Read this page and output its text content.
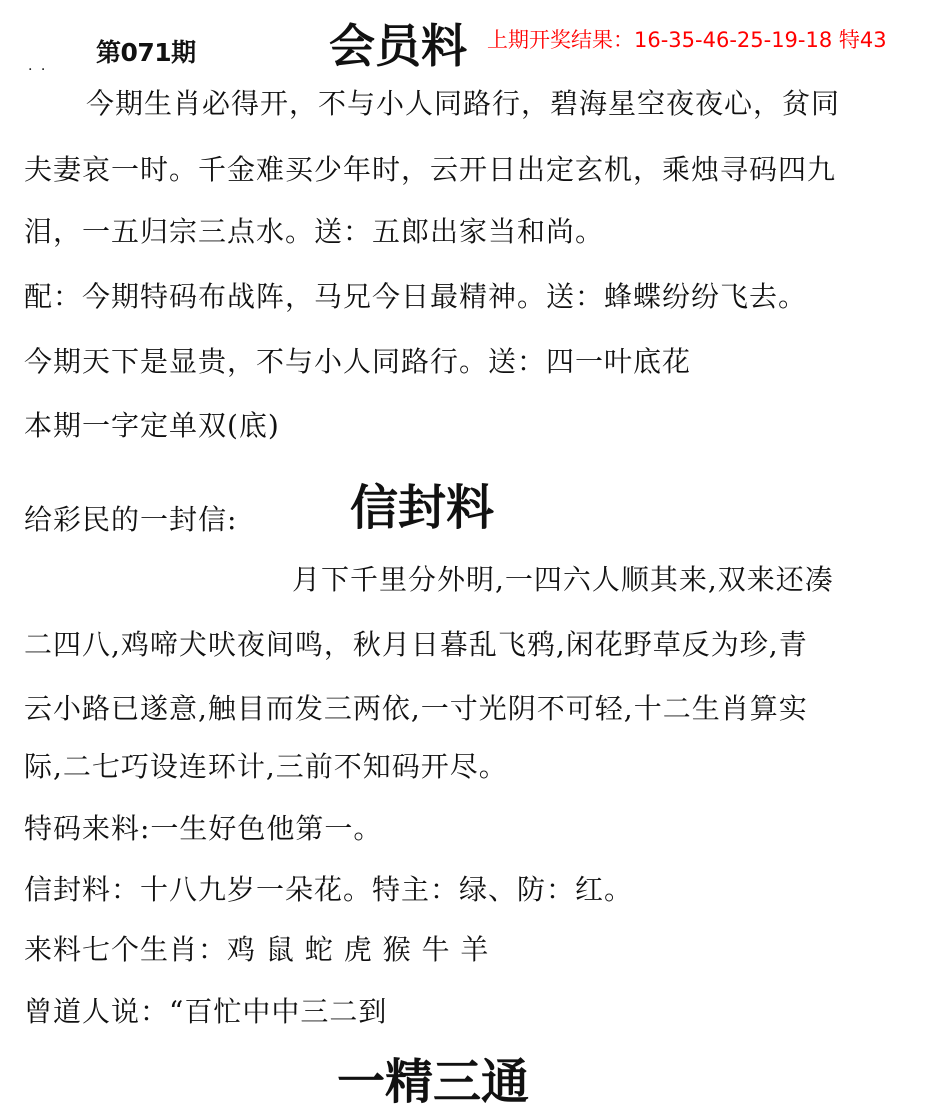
第071期	会员料 上期开奖结果：16-35-46-25-19-18 特43
. .
今期生肖必得开，不与小人同路行，碧海星空夜夜心，贫同
夫妻哀一时。千金难买少年时，云开日出定玄机，乘烛寻码四九
泪，一五归宗三点水。送：五郎出家当和尚。
配：今期特码布战阵，马兄今日最精神。送：蜂蝶纷纷飞去。
今期天下是显贵，不与小人同路行。送：四一叶底花
本期一字定单双(底)
信封料
给彩民的一封信:
月下千里分外明,一四六人顺其来,双来还凑
二四八,鸡啼犬吠夜间鸣，秋月日暮乱飞鸦,闲花野草反为珍,青
云小路已遂意,触目而发三两依,一寸光阴不可轻,十二生肖算实
际,二七巧设连环计,三前不知码开尽。
特码来料:一生好色他第一。
信封料：十八九岁一朵花。特主：绿、防：红。
来料七个生肖：鸡 鼠 蛇 虎 猴 牛 羊
曾道人说：“百忙中中三二到
一精三通
